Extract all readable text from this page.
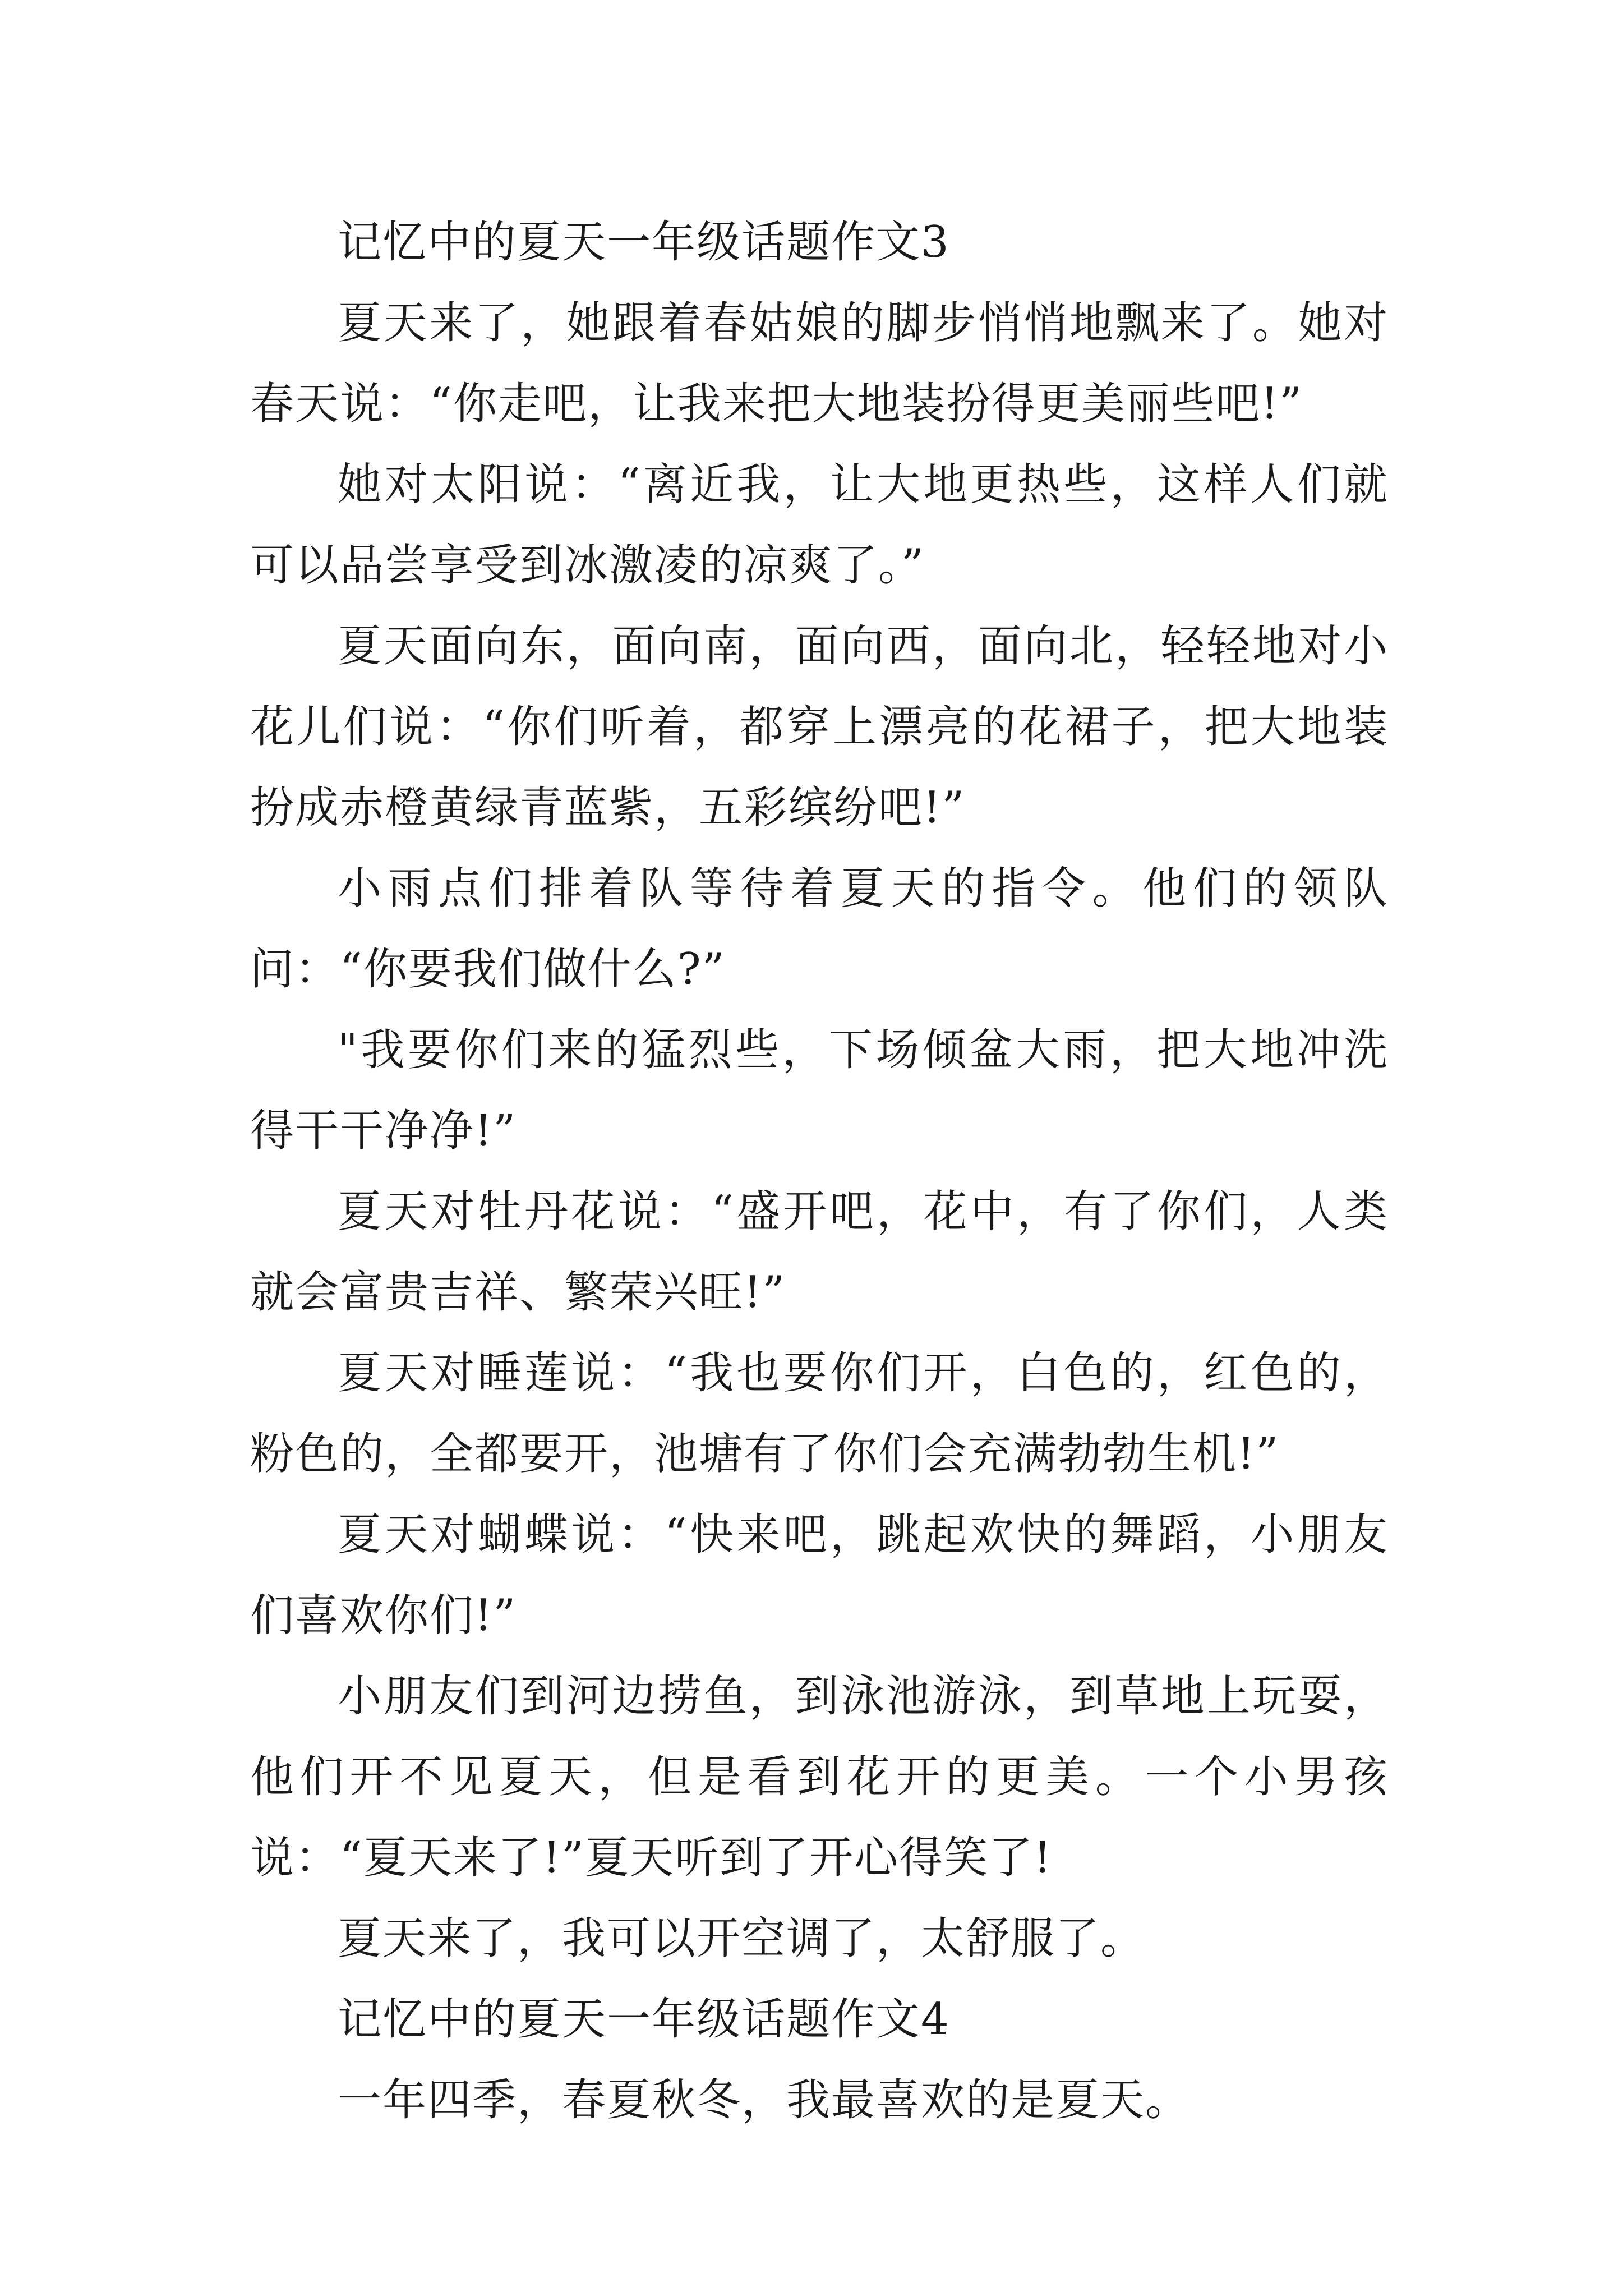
记忆中的夏天一年级话题作文3

夏天来了，她跟着春姑娘的脚步悄悄地飘来了。她对春天说：“你走吧，让我来把大地装扮得更美丽些吧!”

她对太阳说：“离近我，让大地更热些，这样人们就可以品尝享受到冰激凌的凉爽了。”

夏天面向东，面向南，面向西，面向北，轻轻地对小花儿们说：“你们听着，都穿上漂亮的花裙子，把大地装扮成赤橙黄绿青蓝紫，五彩缤纷吧!”

小雨点们排着队等待着夏天的指令。他们的领队问：“你要我们做什么?”

"我要你们来的猛烈些，下场倾盆大雨，把大地冲洗得干干净净!”

夏天对牡丹花说：“盛开吧，花中，有了你们，人类就会富贵吉祥、繁荣兴旺!”

夏天对睡莲说：“我也要你们开，白色的，红色的，粉色的，全都要开，池塘有了你们会充满勃勃生机!”

夏天对蝴蝶说：“快来吧，跳起欢快的舞蹈，小朋友们喜欢你们!”

小朋友们到河边捞鱼，到泳池游泳，到草地上玩耍，他们开不见夏天，但是看到花开的更美。一个小男孩说：“夏天来了!”夏天听到了开心得笑了!

夏天来了，我可以开空调了，太舒服了。

记忆中的夏天一年级话题作文4

一年四季，春夏秋冬，我最喜欢的是夏天。
